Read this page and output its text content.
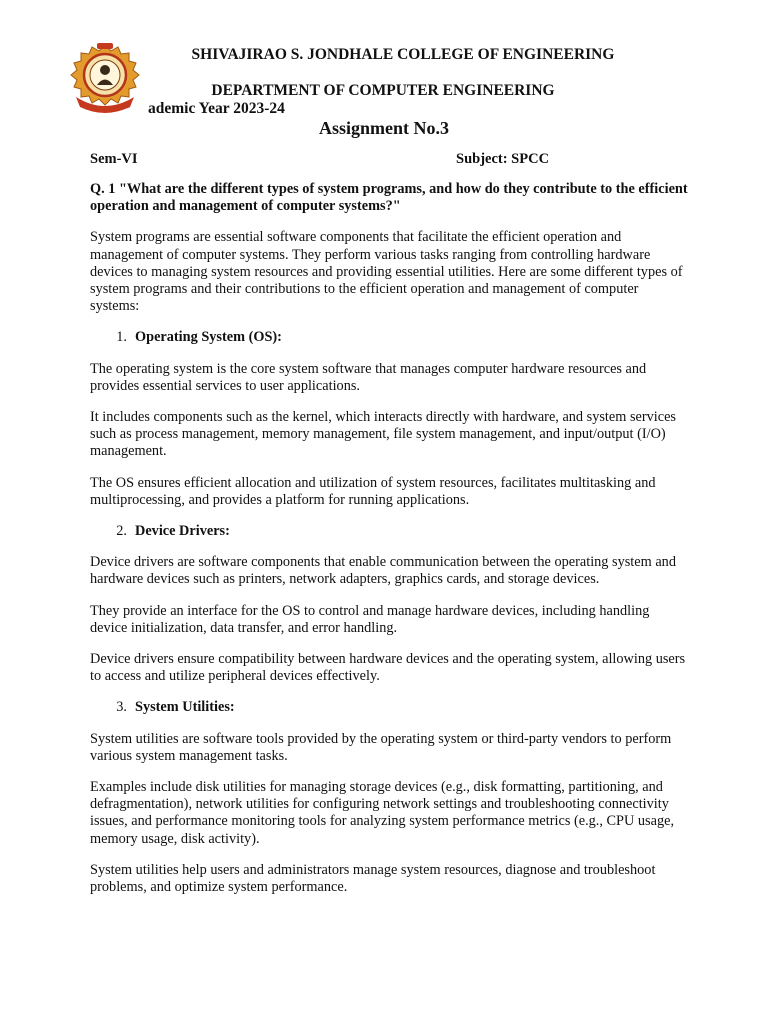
SHIVAJIRAO S. JONDHALE COLLEGE OF ENGINEERING
DEPARTMENT OF COMPUTER ENGINEERING
ademic Year 2023-24
Assignment No.3
Sem-VI	Subject: SPCC

Q. 1 "What are the different types of system programs, and how do they contribute to the efficient operation and management of computer systems?"

System programs are essential software components that facilitate the efficient operation and management of computer systems. They perform various tasks ranging from controlling hardware devices to managing system resources and providing essential utilities. Here are some different types of system programs and their contributions to the efficient operation and management of computer systems:

1. Operating System (OS):

The operating system is the core system software that manages computer hardware resources and provides essential services to user applications.

It includes components such as the kernel, which interacts directly with hardware, and system services such as process management, memory management, file system management, and input/output (I/O) management.

The OS ensures efficient allocation and utilization of system resources, facilitates multitasking and multiprocessing, and provides a platform for running applications.

2. Device Drivers:

Device drivers are software components that enable communication between the operating system and hardware devices such as printers, network adapters, graphics cards, and storage devices.

They provide an interface for the OS to control and manage hardware devices, including handling device initialization, data transfer, and error handling.

Device drivers ensure compatibility between hardware devices and the operating system, allowing users to access and utilize peripheral devices effectively.

3. System Utilities:

System utilities are software tools provided by the operating system or third-party vendors to perform various system management tasks.

Examples include disk utilities for managing storage devices (e.g., disk formatting, partitioning, and defragmentation), network utilities for configuring network settings and troubleshooting connectivity issues, and performance monitoring tools for analyzing system performance metrics (e.g., CPU usage, memory usage, disk activity).

System utilities help users and administrators manage system resources, diagnose and troubleshoot problems, and optimize system performance.
